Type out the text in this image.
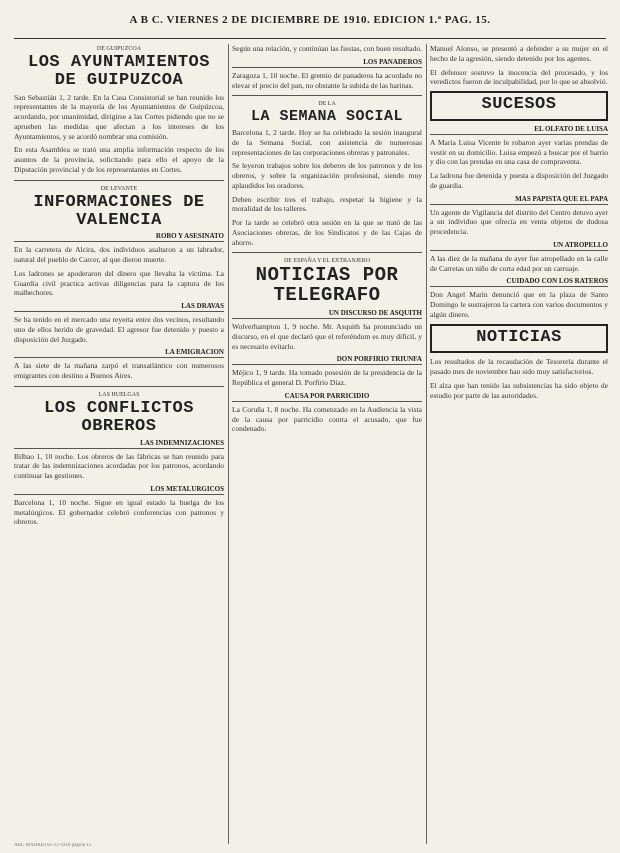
A B C. VIERNES 2 DE DICIEMBRE DE 1910. EDICION 1.ª PAG. 15.
DE GUIPUZCOA
LOS AYUNTAMIENTOS DE GUIPUZCOA

San Sebastián 1, 2 tarde. En la Casa Consistorial se han reunido los representantes de la mayoría de los Ayuntamientos de Guipúzcoa, acordando, por unanimidad, dirigirse a las Cortes pidiendo que no se aprueben las medidas que afectan a los intereses de los Ayuntamientos, y se acordó nombrar una comisión.

En esta Asamblea se trató una amplia información respecto de los asuntos de la provincia, solicitando para ello el apoyo de la Diputación provincial y de los representantes en Cortes.

DE LEVANTE
INFORMACIONES DE VALENCIA
ROBO Y ASESINATO

En la carretera de Alcira, dos individuos asaltaron a un labrador, natural del pueblo de Carcer, al que dieron muerte.

Los ladrones se apoderaron del dinero que llevaba la víctima. La Guardia civil practica activas diligencias para la captura de los malhechores.

LAS DRAVAS

Se ha tenido en el mercado una reyerta entre dos vecinos, resultando uno de ellos herido de gravedad. El agresor fue detenido y puesto a disposición del Juzgado.

LA EMIGRACION

A las siete de la mañana zarpó el transatlántico con numerosos emigrantes con destino a Buenos Aires.

LAS HUELGAS
LOS CONFLICTOS OBREROS
LAS INDEMNIZACIONES

Bilbao 1, 10 noche. Los obreros de las fábricas se han reunido para tratar de las indemnizaciones acordadas por los patronos, acordando continuar las gestiones.

LOS METALURGICOS

Barcelona 1, 10 noche. Sigue en igual estado la huelga de los metalúrgicos. El gobernador celebró conferencias con patronos y obreros.

Según una relación, y continúan las fiestas, con buen resultado.

LOS PANADEROS

Zaragoza 1, 10 noche. El gremio de panaderos ha acordado no elevar el precio del pan, no obstante la subida de las harinas.

DE LA
LA SEMANA SOCIAL

Barcelona 1, 2 tarde. Hoy se ha celebrado la sesión inaugural de la Semana Social, con asistencia de numerosas representaciones de las corporaciones obreras y patronales.

Se leyeron trabajos sobre los deberes de los patronos y de los obreros, y sobre la organización profesional, siendo muy aplaudidos los oradores.

Deben escribir tres el trabajo, respetar la higiene y la moralidad de los talleres.

Por la tarde se celebró otra sesión en la que se trató de las Asociaciones obreras, de los Sindicatos y de las Cajas de ahorro.

DE ESPAÑA Y EL EXTRANJERO
NOTICIAS POR TELEGRAFO
UN DISCURSO DE ASQUITH

Wolverhampton 1, 9 noche. Mr. Asquith ha pronunciado un discurso, en el que declaró que el referéndum es muy difícil, y es necesario evitarlo.

DON PORFIRIO TRIUNFA

Méjico 1, 9 tarde. Ha tomado posesión de la presidencia de la República el general D. Porfirio Díaz.

CAUSA POR PARRICIDIO

La Coruña 1, 8 noche. Ha comenzado en la Audiencia la vista de la causa por parricidio contra el acusado, que fue condenado.

Manuel Alonso, se presentó a defender a su mujer en el hecho de la agresión, siendo detenido por los agentes.

El defensor sostuvo la inocencia del procesado, y los veredictos fueron de inculpabilidad, por lo que se absolvió.

SUCESOS
EL OLFATO DE LUISA

A María Luisa Vicente le robaron ayer varias prendas de vestir en su domicilio. Luisa empezó a buscar por el barrio y dio con las prendas en una casa de compraventa.

La ladrona fue detenida y puesta a disposición del Juzgado de guardia.

MAS PAPISTA QUE EL PAPA

Un agente de Vigilancia del distrito del Centro detuvo ayer a un individuo que ofrecía en venta objetos de dudosa procedencia.

UN ATROPELLO

A las diez de la mañana de ayer fue atropellado en la calle de Carretas un niño de corta edad por un carruaje.

CUIDADO CON LOS RATEROS

Don Angel Marín denunció que en la plaza de Santo Domingo le sustrajeron la cartera con varios documentos y algún dinero.

NOTICIAS

Los resultados de la recaudación de Tesorería durante el pasado mes de noviembre han sido muy satisfactorios.

El alza que han tenido las subsistencias ha sido objeto de estudio por parte de las autoridades.

ABC MADRID 02-12-1910 página 15
